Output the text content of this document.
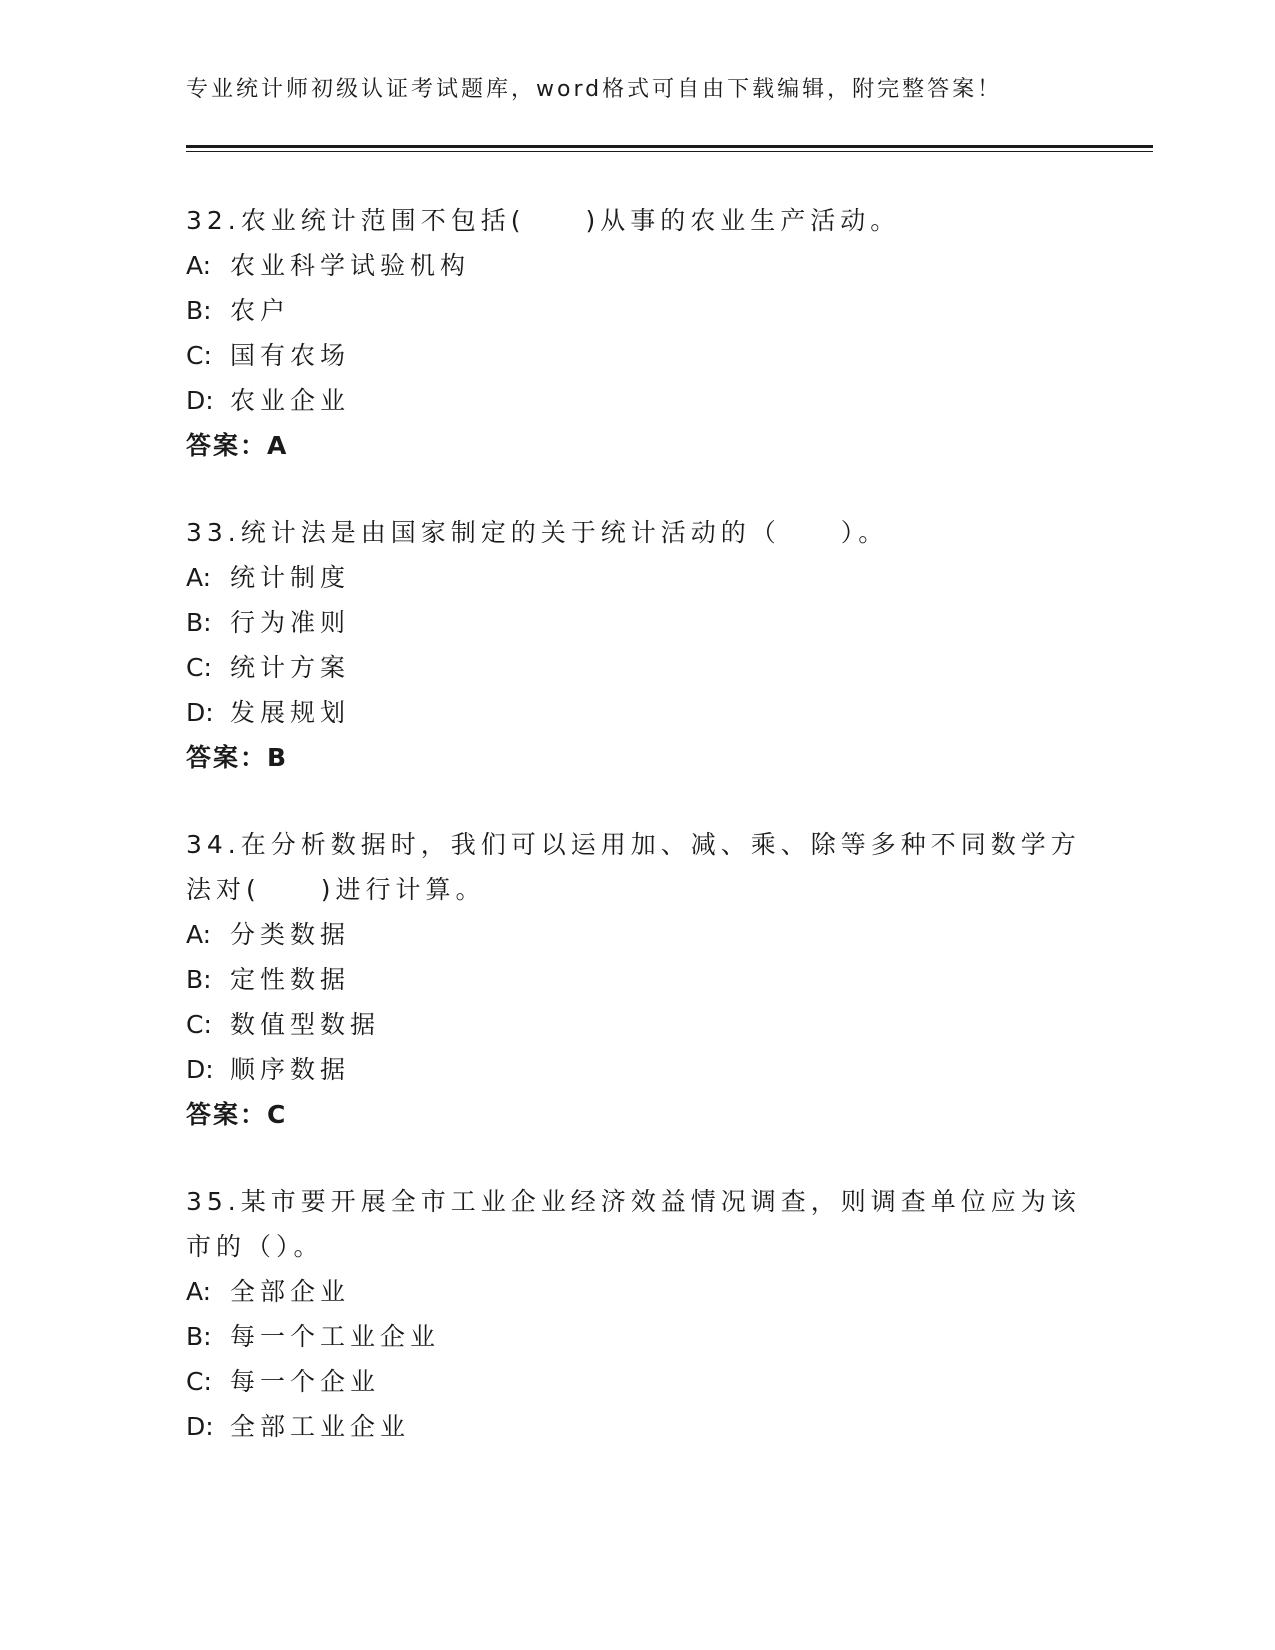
专业统计师初级认证考试题库，word格式可自由下载编辑，附完整答案！

32.农业统计范围不包括(　　)从事的农业生产活动。

A: 农业科学试验机构

B: 农户

C: 国有农场

D: 农业企业

答案：A

33.统计法是由国家制定的关于统计活动的（　　）。

A: 统计制度

B: 行为准则

C: 统计方案

D: 发展规划

答案：B

34.在分析数据时，我们可以运用加、减、乘、除等多种不同数学方法对(　　)进行计算。

A: 分类数据

B: 定性数据

C: 数值型数据

D: 顺序数据

答案：C

35.某市要开展全市工业企业经济效益情况调查，则调查单位应为该市的（）。

A: 全部企业

B: 每一个工业企业

C: 每一个企业

D: 全部工业企业
